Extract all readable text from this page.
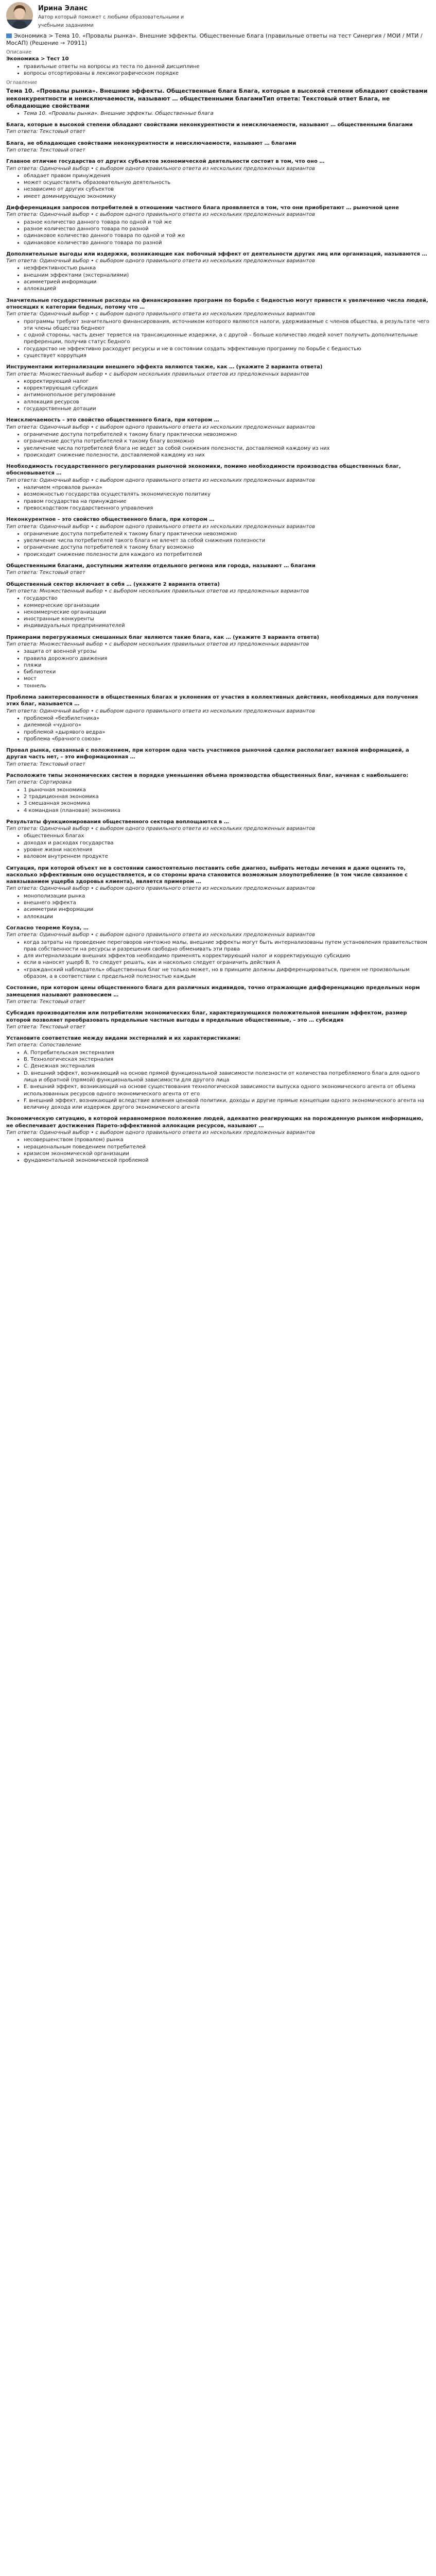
Ирина Эланс
Автор который поможет с любыми образовательными и
учебными заданиями
Экономика > Тема 10. «Провалы рынка». Внешние эффекты. Общественные блага (правильные ответы на тест Синергия / МОИ / МТИ / МосАП) (Решение → 70911)
Описание
Экономика > Тест 10
• правильные ответы на вопросы из теста по данной дисциплине
• вопросы отсортированы в лексикографическом порядке
Оглавление
Тема 10. «Провалы рынка». Внешние эффекты. Общественные блага Блага, которые в высокой степени обладают свойствами неконкурентности и неисключаемости, называют … общественными благамиТип ответа: Текстовый ответ Блага, не обладающие свойствами
• Тема 10. «Провалы рынка». Внешние эффекты. Общественные блага
Блага, которые в высокой степени обладают свойствами неконкурентности и неисключаемости, называют … общественными благами
Тип ответа: Текстовый ответ
Блага, не обладающие свойствами неконкурентности и неисключаемости, называют … благами
Тип ответа: Текстовый ответ
Главное отличие государства от других субъектов экономической деятельности состоит в том, что оно …
Тип ответа: Одиночный выбор • с выбором одного правильного ответа из нескольких предложенных вариантов
• обладает правом принуждения
• может осуществлять образовательную деятельность
• независимо от других субъектов
• имеет доминирующую экономику
Дифференциация запросов потребителей в отношении частного блага проявляется в том, что они приобретают … рыночной цене
Тип ответа: Одиночный выбор • с выбором одного правильного ответа из нескольких предложенных вариантов
• разное количество данного товара по одной и той же
• разное количество данного товара по разной
• одинаковое количество данного товара по одной и той же
• одинаковое количество данного товара по разной
Дополнительные выгоды или издержки, возникающие как побочный эффект от деятельности других лиц или организаций, называются …
Тип ответа: Одиночный выбор • с выбором одного правильного ответа из нескольких предложенных вариантов
• неэффективностью рынка
• внешним эффектами (экстерналиями)
• асимметрией информации
• аллокацией
Значительные государственные расходы на финансирование программ по борьбе с бедностью могут привести к увеличению числа людей, относящих к категории бедных, потому что …
Тип ответа: Одиночный выбор • с выбором одного правильного ответа из нескольких предложенных вариантов
• программы требуют значительного финансирования, источником которого являются налоги, удерживаемые с членов общества, в результате чего эти члены общества беднеют
• с одной стороны, часть денег теряется на трансакционные издержки, а с другой – больше количество людей хочет получить дополнительные преференции, получив статус бедного
• государство не эффективно расходует ресурсы и не в состоянии создать эффективную программу по борьбе с бедностью
• существует коррупция
Инструментами интернализации внешнего эффекта являются также, как … (укажите 2 варианта ответа)
Тип ответа: Множественный выбор • с выбором нескольких правильных ответов из предложенных вариантов
• корректирующий налог
• корректирующая субсидия
• антимонопольное регулирование
• аллокация ресурсов
• государственные дотации
Неисключаемость – это свойство общественного блага, при котором …
Тип ответа: Одиночный выбор • с выбором одного правильного ответа из нескольких предложенных вариантов
• ограничение доступа потребителей к такому благу практически невозможно
• ограничение доступа потребителей к такому благу возможно
• увеличение числа потребителей блага не ведет за собой снижения полезности, доставляемой каждому из них
• происходит снижение полезности, доставляемой каждому из них
Необходимость государственного регулирования рыночной экономики, помимо необходимости производства общественных благ, обосновывается …
Тип ответа: Одиночный выбор • с выбором одного правильного ответа из нескольких предложенных вариантов
• наличием «провалов рынка»
• возможностью государства осуществлять экономическую политику
• правом государства на принуждение
• превосходством государственного управления
Неконкурентное – это свойство общественного блага, при котором …
Тип ответа: Одиночный выбор • с выбором одного правильного ответа из нескольких предложенных вариантов
• ограничение доступа потребителей к такому благу практически невозможно
• увеличение числа потребителей такого блага не влечет за собой снижения полезности
• ограничение доступа потребителей к такому благу возможно
• происходит снижение полезности для каждого из потребителей
Общественными благами, доступными жителям отдельного региона или города, называют … благами
Тип ответа: Текстовый ответ
Общественный сектор включает в себя … (укажите 2 варианта ответа)
Тип ответа: Множественный выбор • с выбором нескольких правильных ответов из предложенных вариантов
• государство
• коммерческие организации
• некоммерческие организации
• иностранные конкуренты
• индивидуальных предпринимателей
Примерами перегружаемых смешанных благ являются такие блага, как … (укажите 3 варианта ответа)
Тип ответа: Множественный выбор • с выбором нескольких правильных ответов из предложенных вариантов
• защита от военной угрозы
• правила дорожного движения
• пляжи
• библиотеки
• мост
• тоннель
Проблема заинтересованности в общественных благах и уклонения от участия в коллективных действиях, необходимых для получения этих благ, называется …
Тип ответа: Одиночный выбор • с выбором одного правильного ответа из нескольких предложенных вариантов
• проблемой «безбилетника»
• дилеммой «чудного»
• проблемой «дырявого ведра»
• проблема «брачного союза»
Провал рынка, связанный с положением, при котором одна часть участников рыночной сделки располагает важной информацией, а другая часть нет, – это информационная …
Тип ответа: Текстовый ответ
Расположите типы экономических систем в порядке уменьшения объема производства общественных благ, начиная с наибольшего:
Тип ответа: Сортировка
• 1 рыночная экономика
• 2 традиционная экономика
• 3 смешанная экономика
• 4 командная (плановая) экономика
Результаты функционирования общественного сектора воплощаются в …
Тип ответа: Одиночный выбор • с выбором одного правильного ответа из нескольких предложенных вариантов
• общественных благах
• доходах и расходах государства
• уровне жизни населения
• валовом внутреннем продукте
Ситуация, при которой объект не в состоянии самостоятельно поставить себе диагноз, выбрать методы лечения и даже оценить то, насколько эффективным оно осуществляется, и со стороны врача становится возможным злоупотребление (в том числе связанное с навязыванием ущерба здоровья клиента), является примером …
Тип ответа: Одиночный выбор • с выбором одного правильного ответа из нескольких предложенных вариантов
• монополизации рынка
• внешнего эффекта
• асимметрии информации
• аллокации
Согласно теореме Коуза, …
Тип ответа: Одиночный выбор • с выбором одного правильного ответа из нескольких предложенных вариантов
• когда затраты на проведение переговоров ничтожно малы, внешние эффекты могут быть интернализованы путем установления правительством прав собственности на ресурсы и разрешения свободно обменивать эти права
• для интернализации внешних эффектов необходимо применять корректирующий налог и корректирующую субсидию
• если в наносят ущерб B, то следует решать, как и насколько следует ограничить действия A
• «гражданский наблюдатель» общественных благ не только может, но в принципе должны дифференцироваться, причем не произвольным образом, а в соответствии с предельной полезностью каждым
Состояние, при котором цены общественного блага для различных индивидов, точно отражающие дифференциацию предельных норм замещения называют равновесием …
Тип ответа: Текстовый ответ
Субсидия производителям или потребителям экономических благ, характеризующихся положительной внешним эффектом, размер которой позволяет преобразовать предельные частные выгоды в предельные общественные, – это … субсидия
Тип ответа: Текстовый ответ
Установите соответствие между видами экстерналий и их характеристиками:
Тип ответа: Сопоставление
• A. Потребительская экстерналия
• B. Технологическая экстерналия
• C. Денежная экстерналия
• D. внешний эффект, возникающий на основе прямой функциональной зависимости полезности от количества потребляемого блага для одного лица и обратной (прямой) функциональной зависимости для другого лица
• E. внешний эффект, возникающий на основе существования технологической зависимости выпуска одного экономического агента от объема использованных ресурсов одного экономического агента от его
• F. внешний эффект, возникающий вследствие влияния ценовой политики, доходы и другие прямые концепции одного экономического агента на величину дохода или издержек другого экономического агента
Экономическую ситуацию, в которой неравномерное положение людей, адекватно реагирующих на порожденную рынком информацию, не обеспечивает достижения Парето-эффективной аллокации ресурсов, называют …
Тип ответа: Одиночный выбор • с выбором одного правильного ответа из нескольких предложенных вариантов
• несовершенством (провалом) рынка
• нерациональным поведением потребителей
• кризисом экономической организации
• фундаментальной экономической проблемой
